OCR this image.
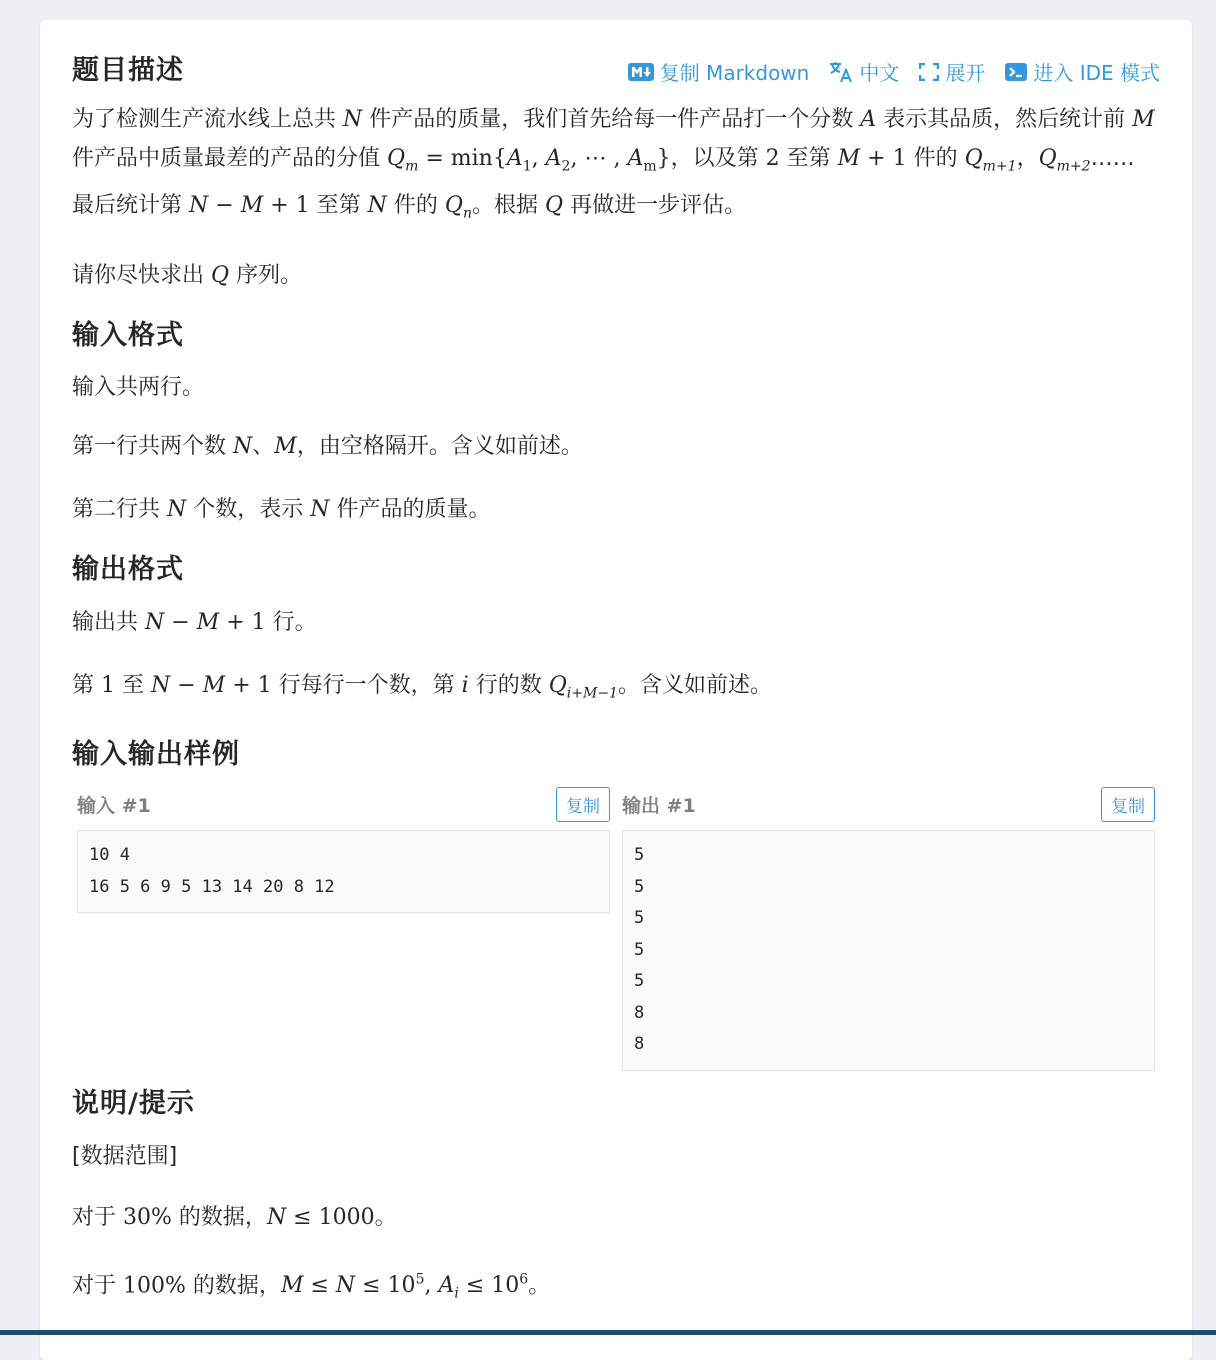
题目描述	复制 Markdown	中文 展开 进入 IDE 模式

为了检测生产流水线上总共 N 件产品的质量，我们首先给每一件产品打一个分数 A 表示其品质，然后统计前 M 件产品中质量最差的产品的分值 $Q_m = \min\{A_1$, $A_2$, ⋯ , $A_m$}，以及第 2 至第 M + 1 件的 $Q_{m+1}$，$Q_{m+2}\dots\dots$ 最后统计第 N − M + 1 至第 N 件的 $Q_n$。根据 Q 再做进一步评估。

请你尽快求出 Q 序列。

输入格式

输入共两行。

第一行共两个数 N、M，由空格隔开。含义如前述。

第二行共 N 个数，表示 N 件产品的质量。

输出格式

输出共 N − M + 1 行。

第 1 至 N − M + 1 行每行一个数，第 i 行的数 $Q_{i+M-1}$。含义如前述。

输入输出样例
输入 #1	复制
10 4
16 5 6 9 5 13 14 20 8 12
输出 #1	复制
5
5
5
5
5
8
8
说明/提示

[数据范围]

对于 30% 的数据，N ≤ 1000。

对于 100% 的数据，$M \le N \le 10^5$, $A_i \le 10^6$。
